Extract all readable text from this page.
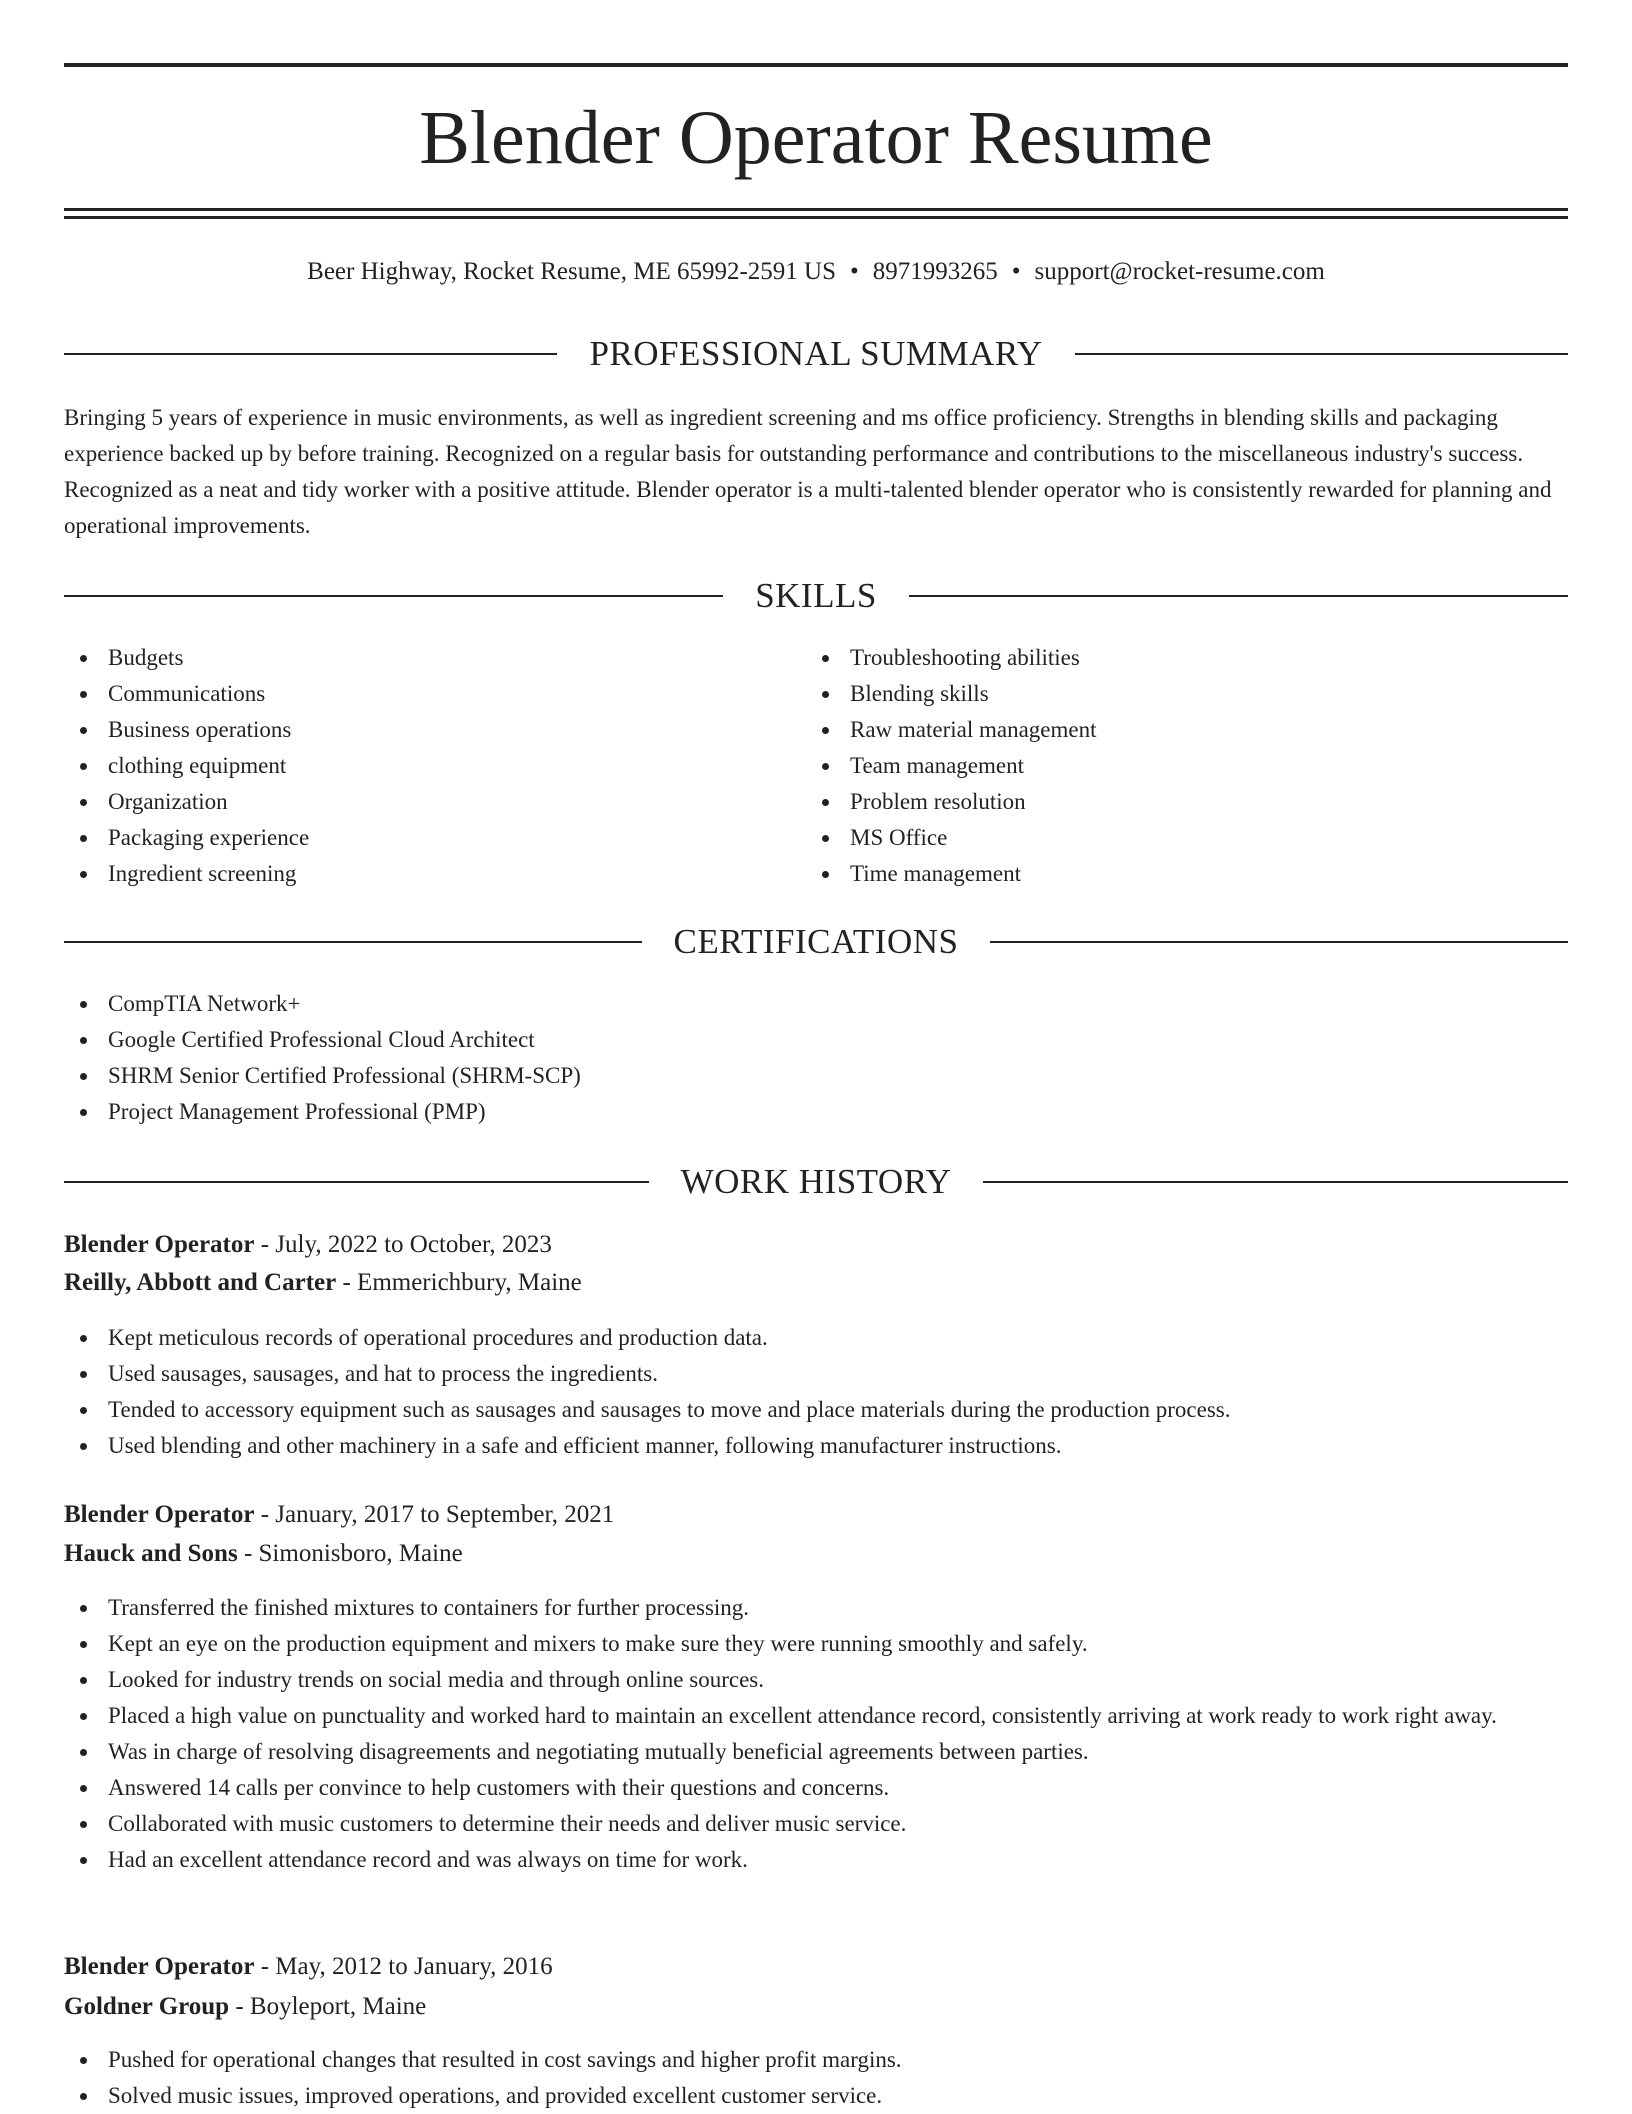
Blender Operator Resume
Beer Highway, Rocket Resume, ME 65992-2591 US • 8971993265 • support@rocket-resume.com
PROFESSIONAL SUMMARY

Bringing 5 years of experience in music environments, as well as ingredient screening and ms office proficiency. Strengths in blending skills and packaging experience backed up by before training. Recognized on a regular basis for outstanding performance and contributions to the miscellaneous industry's success. Recognized as a neat and tidy worker with a positive attitude. Blender operator is a multi-talented blender operator who is consistently rewarded for planning and operational improvements.

SKILLS
Budgets
Communications
Business operations
clothing equipment
Organization
Packaging experience
Ingredient screening
Troubleshooting abilities
Blending skills
Raw material management
Team management
Problem resolution
MS Office
Time management
CERTIFICATIONS
CompTIA Network+
Google Certified Professional Cloud Architect
SHRM Senior Certified Professional (SHRM-SCP)
Project Management Professional (PMP)
WORK HISTORY
Blender Operator - July, 2022 to October, 2023
Reilly, Abbott and Carter - Emmerichbury, Maine
Kept meticulous records of operational procedures and production data.
Used sausages, sausages, and hat to process the ingredients.
Tended to accessory equipment such as sausages and sausages to move and place materials during the production process.
Used blending and other machinery in a safe and efficient manner, following manufacturer instructions.
Blender Operator - January, 2017 to September, 2021
Hauck and Sons - Simonisboro, Maine
Transferred the finished mixtures to containers for further processing.
Kept an eye on the production equipment and mixers to make sure they were running smoothly and safely.
Looked for industry trends on social media and through online sources.
Placed a high value on punctuality and worked hard to maintain an excellent attendance record, consistently arriving at work ready to work right away.
Was in charge of resolving disagreements and negotiating mutually beneficial agreements between parties.
Answered 14 calls per convince to help customers with their questions and concerns.
Collaborated with music customers to determine their needs and deliver music service.
Had an excellent attendance record and was always on time for work.
Blender Operator - May, 2012 to January, 2016
Goldner Group - Boyleport, Maine
Pushed for operational changes that resulted in cost savings and higher profit margins.
Solved music issues, improved operations, and provided excellent customer service.
